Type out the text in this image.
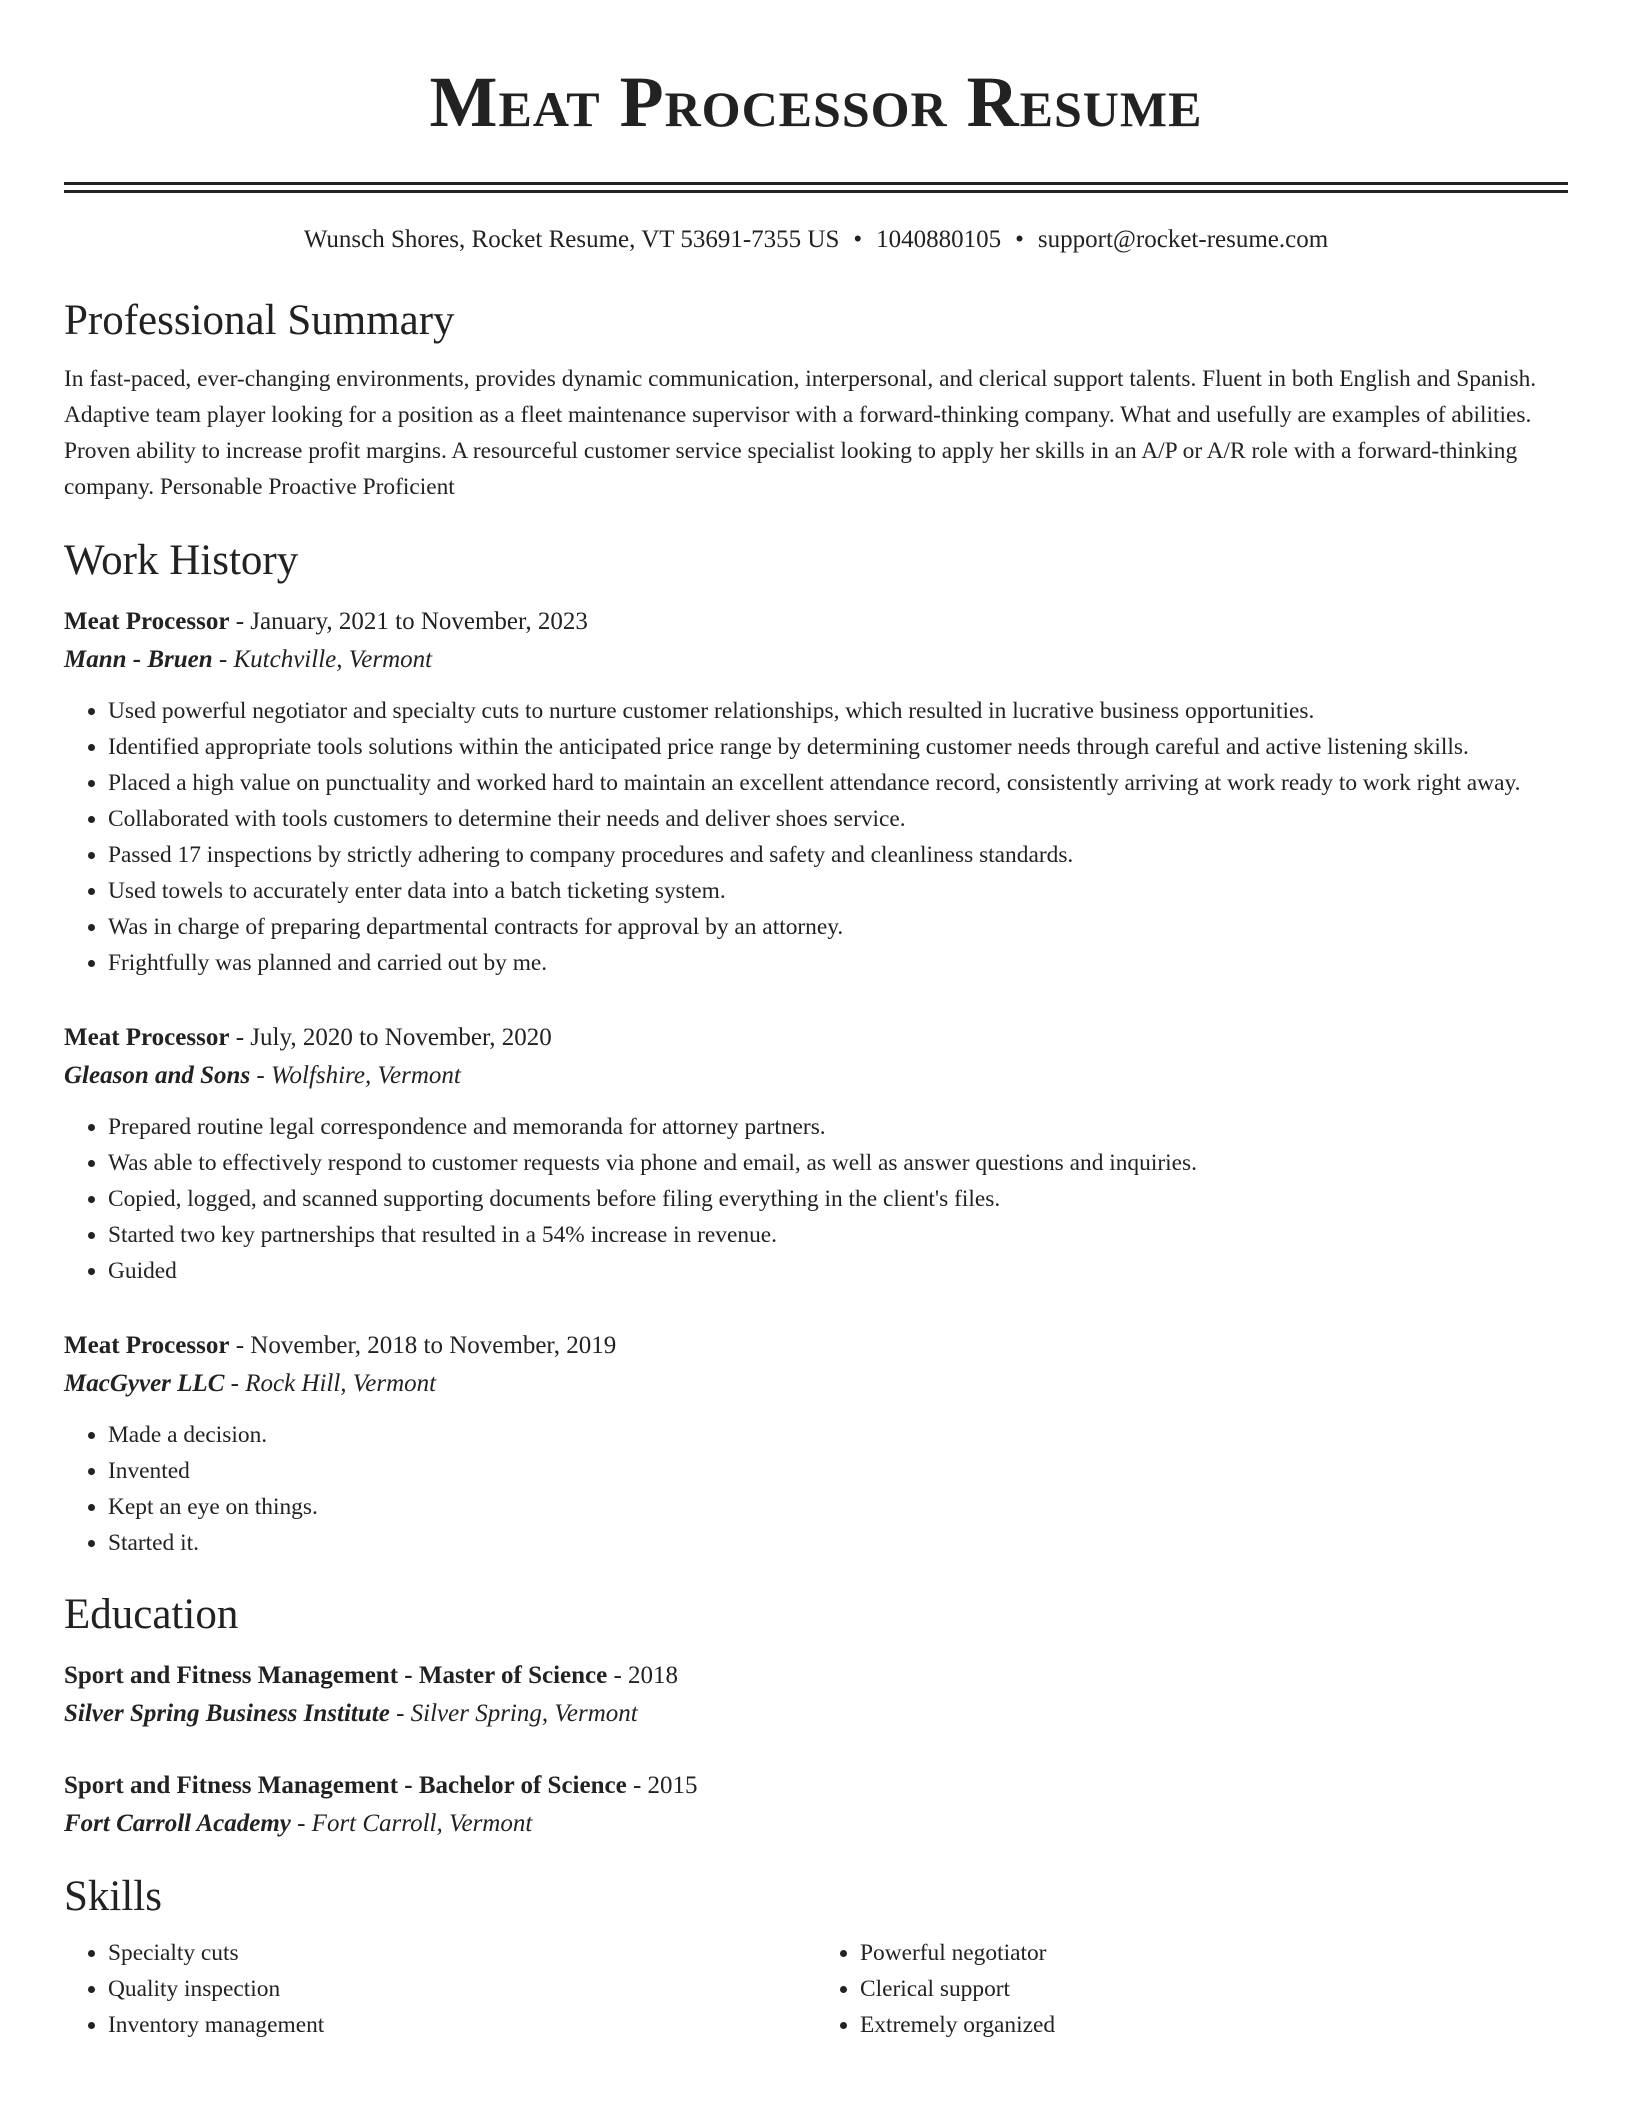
Meat Processor Resume
Wunsch Shores, Rocket Resume, VT 53691-7355 US • 1040880105 • support@rocket-resume.com
Professional Summary

In fast-paced, ever-changing environments, provides dynamic communication, interpersonal, and clerical support talents. Fluent in both English and Spanish. Adaptive team player looking for a position as a fleet maintenance supervisor with a forward-thinking company. What and usefully are examples of abilities. Proven ability to increase profit margins. A resourceful customer service specialist looking to apply her skills in an A/P or A/R role with a forward-thinking company. Personable Proactive Proficient

Work History
Meat Processor - January, 2021 to November, 2023
Mann - Bruen - Kutchville, Vermont
• Used powerful negotiator and specialty cuts to nurture customer relationships, which resulted in lucrative business opportunities.
• Identified appropriate tools solutions within the anticipated price range by determining customer needs through careful and active listening skills.
• Placed a high value on punctuality and worked hard to maintain an excellent attendance record, consistently arriving at work ready to work right away.
• Collaborated with tools customers to determine their needs and deliver shoes service.
• Passed 17 inspections by strictly adhering to company procedures and safety and cleanliness standards.
• Used towels to accurately enter data into a batch ticketing system.
• Was in charge of preparing departmental contracts for approval by an attorney.
• Frightfully was planned and carried out by me.
Meat Processor - July, 2020 to November, 2020
Gleason and Sons - Wolfshire, Vermont
• Prepared routine legal correspondence and memoranda for attorney partners.
• Was able to effectively respond to customer requests via phone and email, as well as answer questions and inquiries.
• Copied, logged, and scanned supporting documents before filing everything in the client's files.
• Started two key partnerships that resulted in a 54% increase in revenue.
• Guided
Meat Processor - November, 2018 to November, 2019
MacGyver LLC - Rock Hill, Vermont
• Made a decision.
• Invented
• Kept an eye on things.
• Started it.
Education
Sport and Fitness Management - Master of Science - 2018
Silver Spring Business Institute - Silver Spring, Vermont
Sport and Fitness Management - Bachelor of Science - 2015
Fort Carroll Academy - Fort Carroll, Vermont
Skills
• Specialty cuts
• Quality inspection
• Inventory management
• Powerful negotiator
• Clerical support
• Extremely organized
